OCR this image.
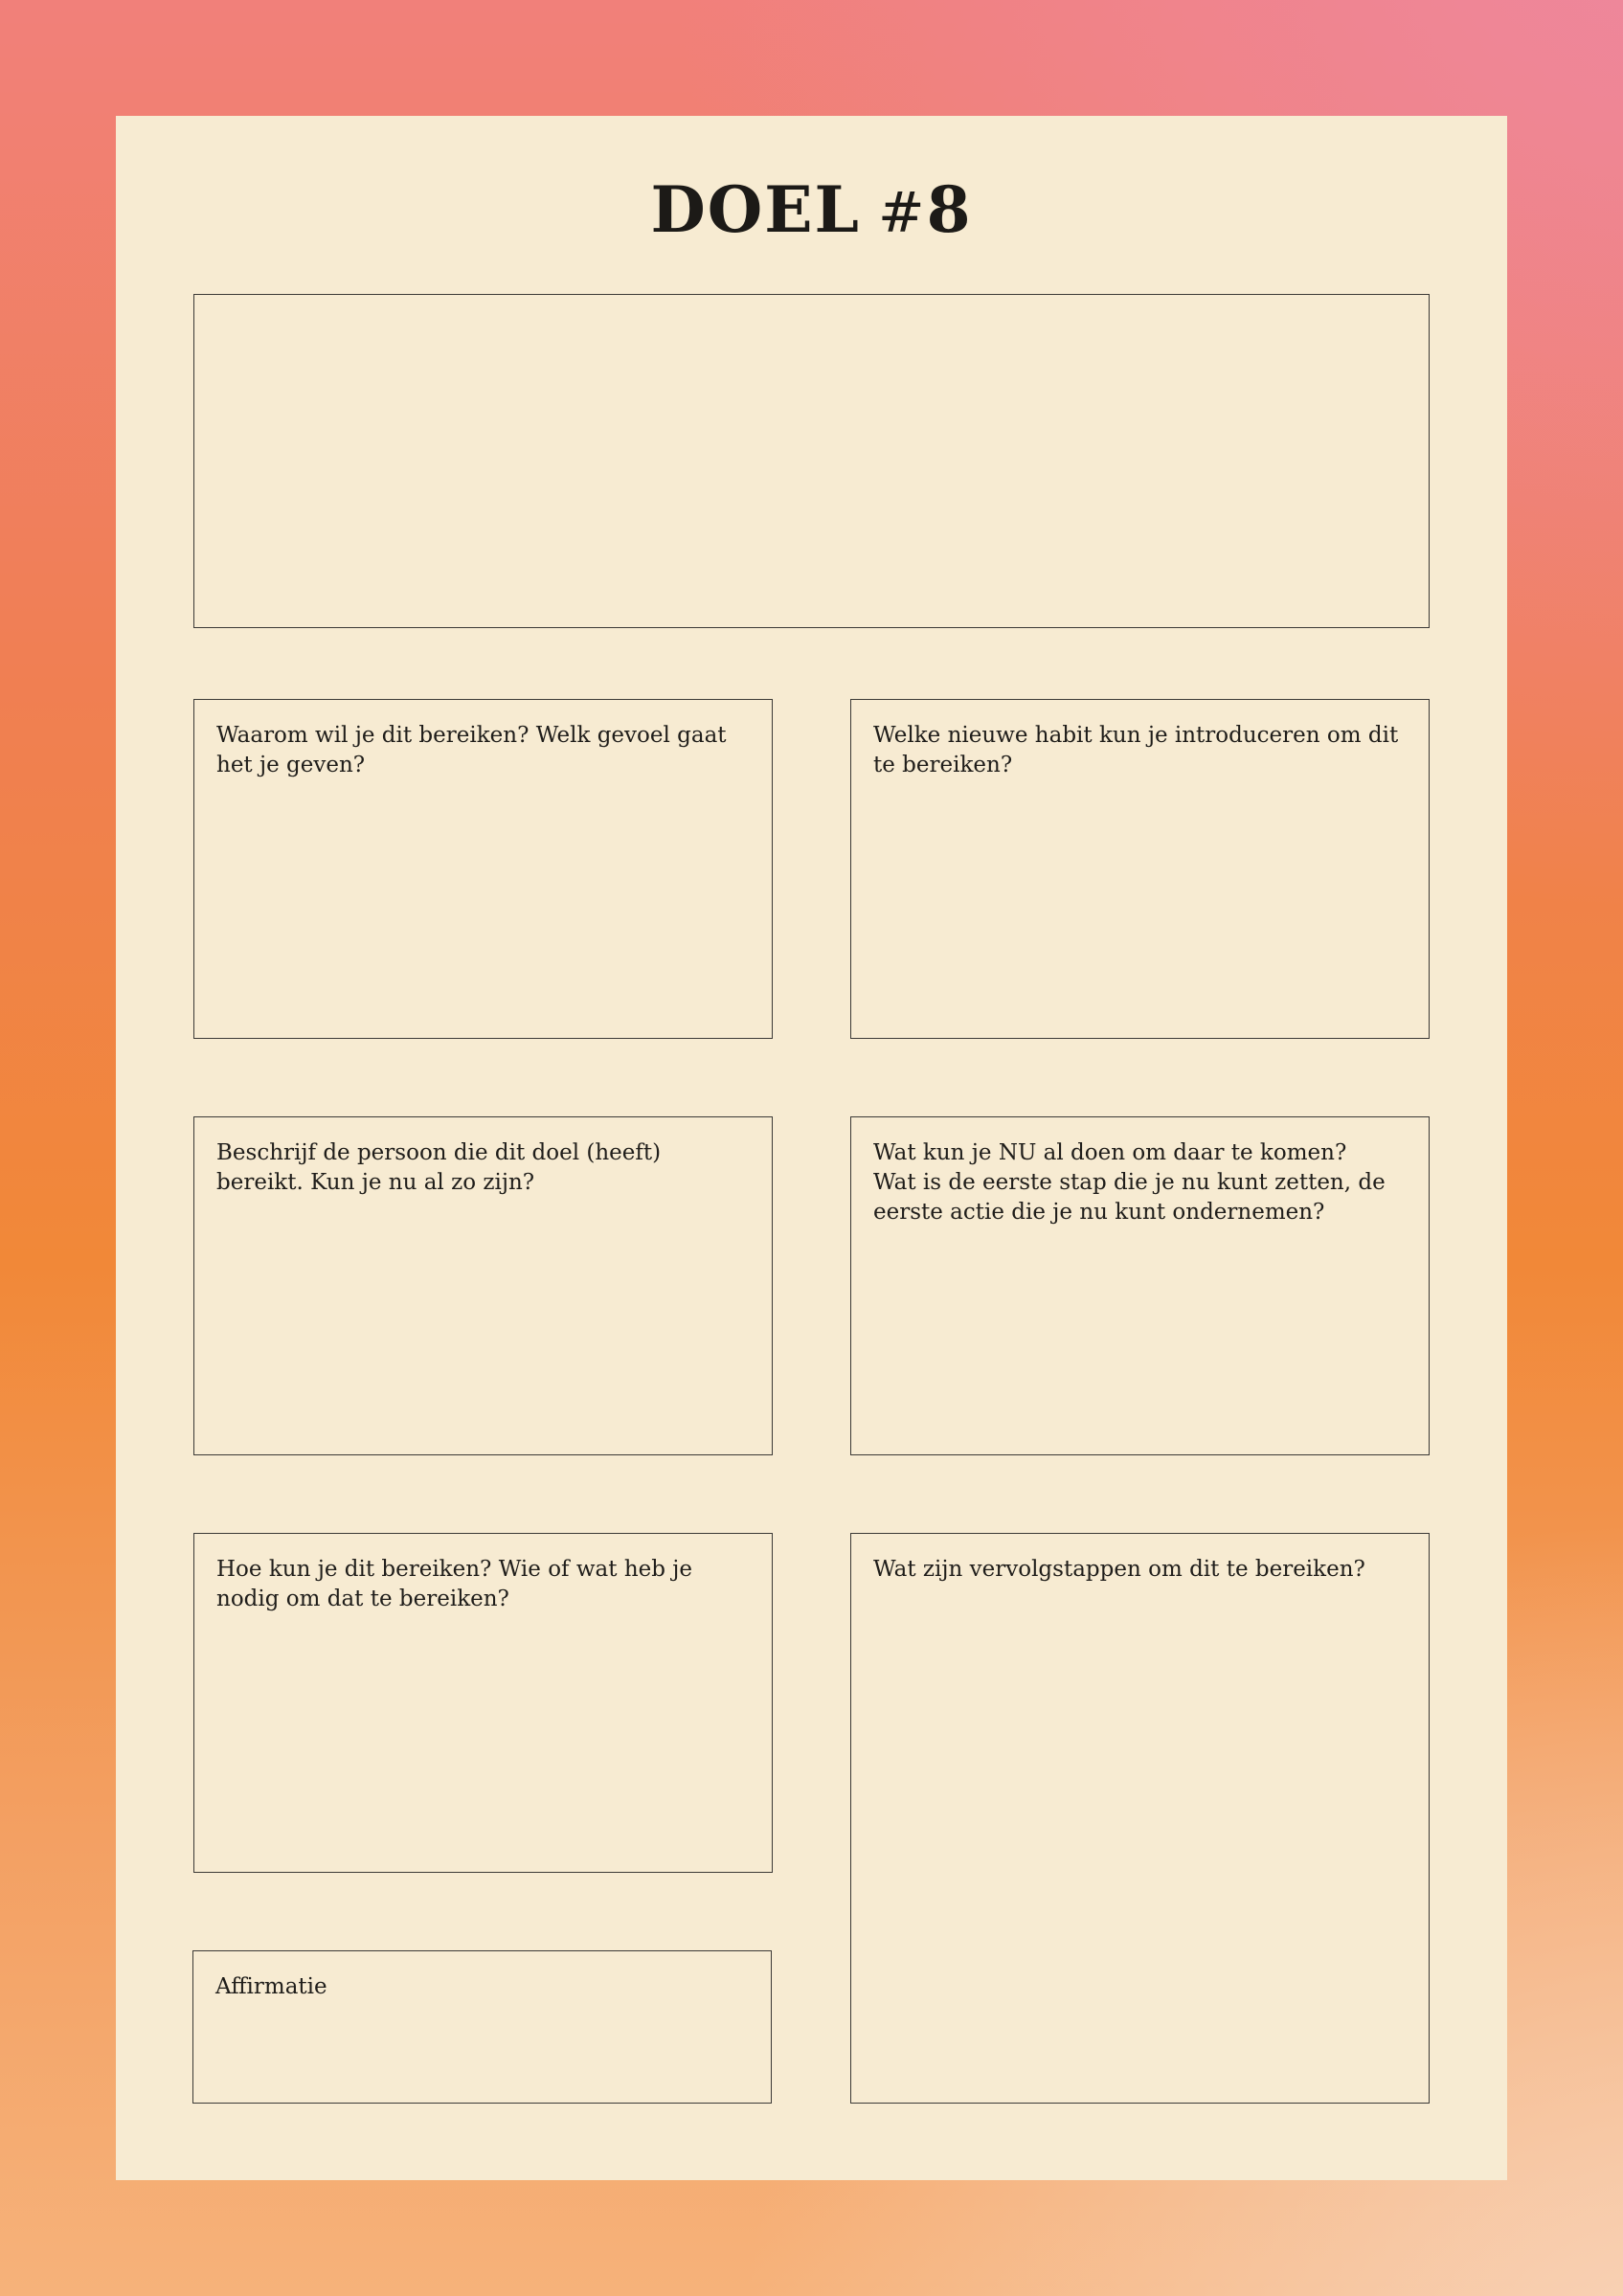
DOEL #8

Waarom wil je dit bereiken? Welk gevoel gaat het je geven?

Welke nieuwe habit kun je introduceren om dit te bereiken?

Beschrijf de persoon die dit doel (heeft) bereikt. Kun je nu al zo zijn?

Wat kun je NU al doen om daar te komen?
Wat is de eerste stap die je nu kunt zetten, de eerste actie die je nu kunt ondernemen?

Hoe kun je dit bereiken? Wie of wat heb je nodig om dat te bereiken?

Wat zijn vervolgstappen om dit te bereiken?

Affirmatie
